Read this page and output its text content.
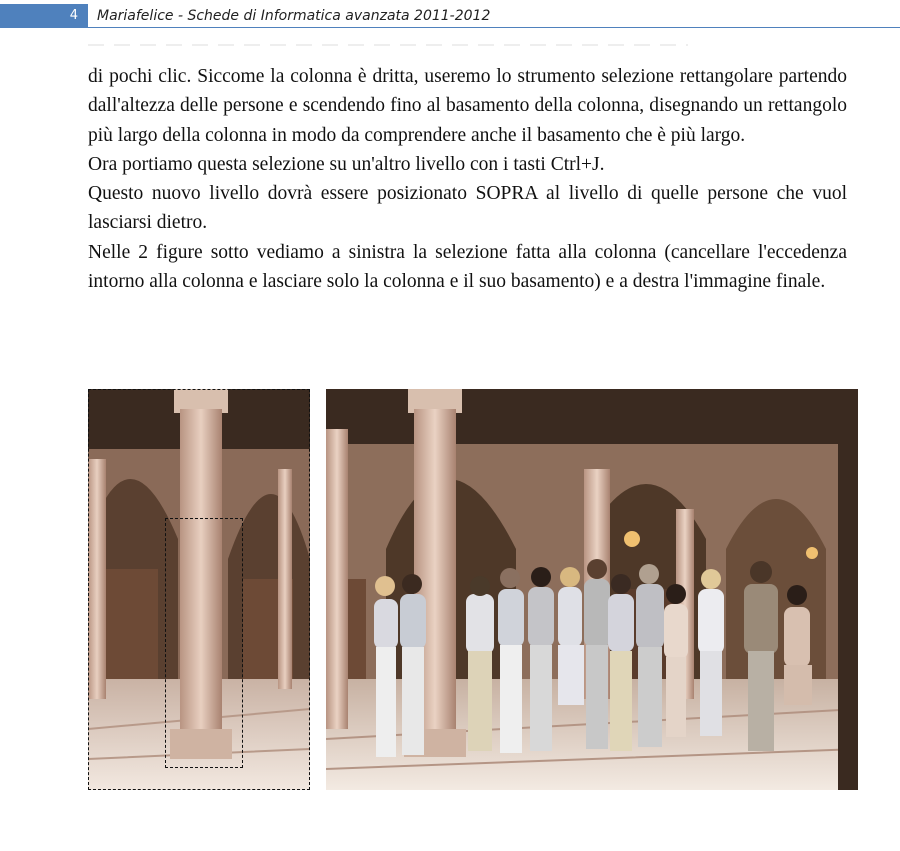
4	Mariafelice - Schede di Informatica avanzata 2011-2012

di pochi clic. Siccome la colonna è dritta, useremo lo strumento selezione rettangolare partendo dall'altezza delle persone e scendendo fino al basamento della colonna, disegnando un rettangolo più largo della colonna in modo da comprendere anche il basamento che è più largo.

Ora portiamo questa selezione su un'altro livello con i tasti Ctrl+J.

Questo nuovo livello dovrà essere posizionato SOPRA al livello di quelle persone che vuol lasciarsi dietro.

Nelle 2 figure sotto vediamo a sinistra la selezione fatta alla colonna (cancellare l'eccedenza intorno alla colonna e lasciare solo la colonna e il suo basamento) e a destra l'immagine finale.
